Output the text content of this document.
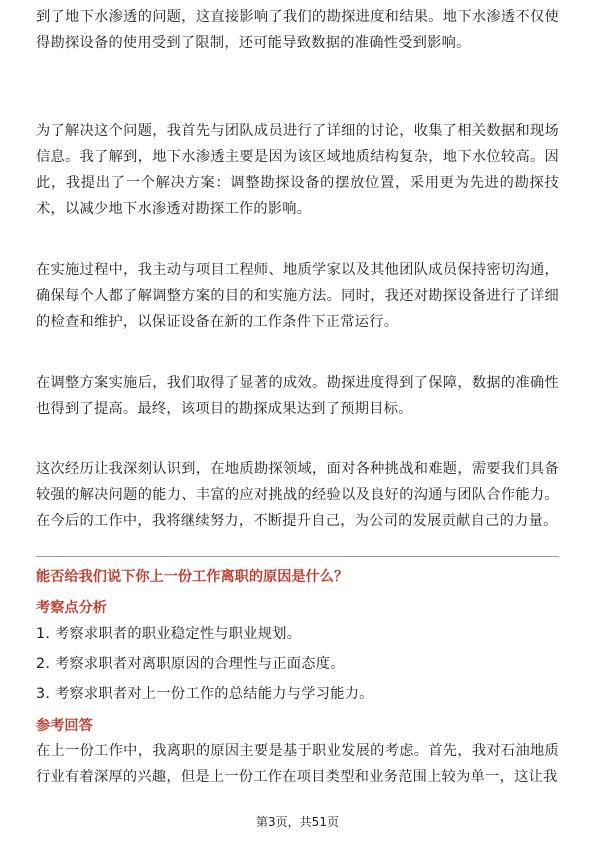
到了地下水渗透的问题，这直接影响了我们的勘探进度和结果。地下水渗透不仅使得勘探设备的使用受到了限制，还可能导致数据的准确性受到影响。

为了解决这个问题，我首先与团队成员进行了详细的讨论，收集了相关数据和现场信息。我了解到，地下水渗透主要是因为该区域地质结构复杂，地下水位较高。因此，我提出了一个解决方案：调整勘探设备的摆放位置，采用更为先进的勘探技术，以减少地下水渗透对勘探工作的影响。

在实施过程中，我主动与项目工程师、地质学家以及其他团队成员保持密切沟通，确保每个人都了解调整方案的目的和实施方法。同时，我还对勘探设备进行了详细的检查和维护，以保证设备在新的工作条件下正常运行。

在调整方案实施后，我们取得了显著的成效。勘探进度得到了保障，数据的准确性也得到了提高。最终，该项目的勘探成果达到了预期目标。

这次经历让我深刻认识到，在地质勘探领域，面对各种挑战和难题，需要我们具备较强的解决问题的能力、丰富的应对挑战的经验以及良好的沟通与团队合作能力。在今后的工作中，我将继续努力，不断提升自己，为公司的发展贡献自己的力量。

能否给我们说下你上一份工作离职的原因是什么？

考察点分析

1. 考察求职者的职业稳定性与职业规划。

2. 考察求职者对离职原因的合理性与正面态度。

3. 考察求职者对上一份工作的总结能力与学习能力。

参考回答

在上一份工作中，我离职的原因主要是基于职业发展的考虑。首先，我对石油地质行业有着深厚的兴趣，但是上一份工作在项目类型和业务范围上较为单一，这让我

第3页，共51页
